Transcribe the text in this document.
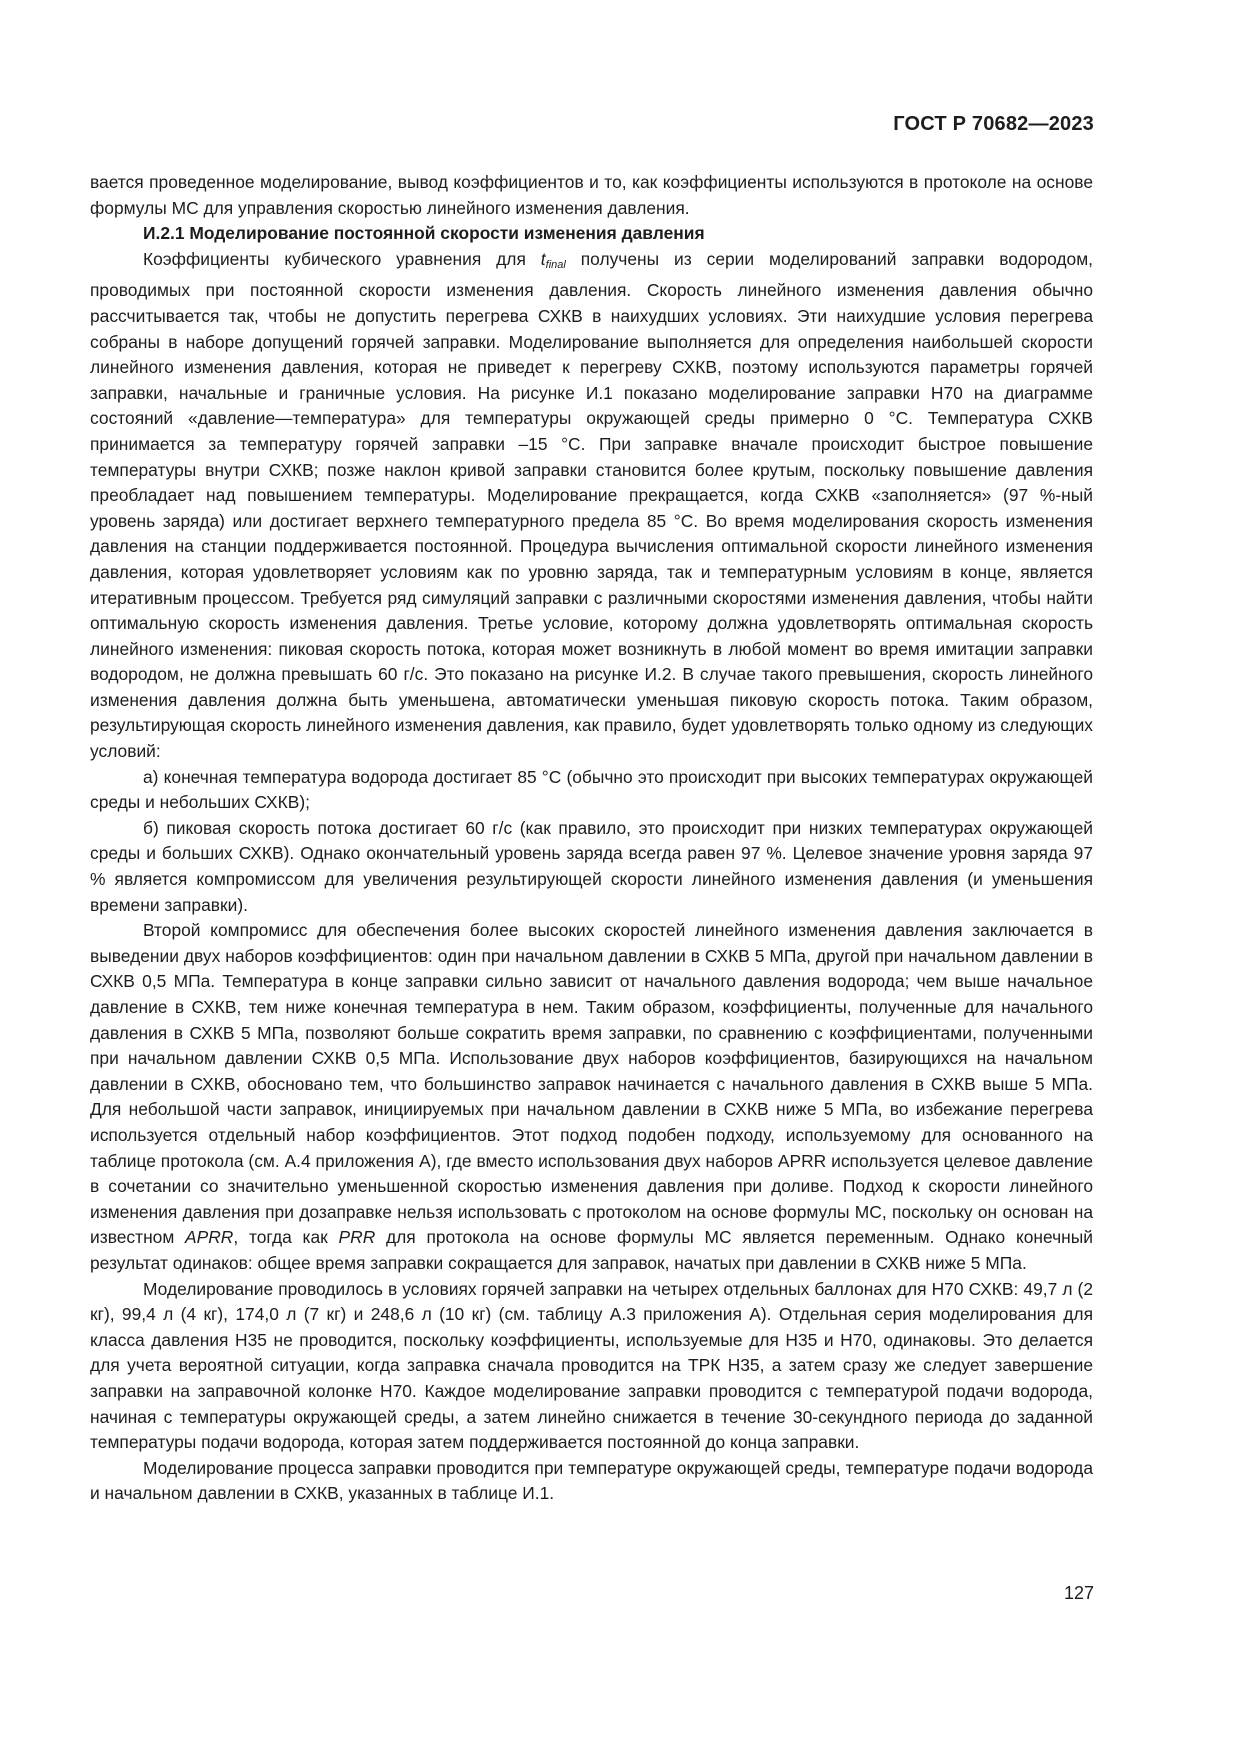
ГОСТ Р 70682—2023

вается проведенное моделирование, вывод коэффициентов и то, как коэффициенты используются в протоколе на основе формулы МС для управления скоростью линейного изменения давления.

И.2.1 Моделирование постоянной скорости изменения давления

Коэффициенты кубического уравнения для $t_{final}$ получены из серии моделирований заправки водородом, проводимых при постоянной скорости изменения давления. Скорость линейного изменения давления обычно рассчитывается так, чтобы не допустить перегрева СХКВ в наихудших условиях. Эти наихудшие условия перегрева собраны в наборе допущений горячей заправки. Моделирование выполняется для определения наибольшей скорости линейного изменения давления, которая не приведет к перегреву СХКВ, поэтому используются параметры горячей заправки, начальные и граничные условия. На рисунке И.1 показано моделирование заправки Н70 на диаграмме состояний «давление—температура» для температуры окружающей среды примерно 0 °С. Температура СХКВ принимается за температуру горячей заправки –15 °С. При заправке вначале происходит быстрое повышение температуры внутри СХКВ; позже наклон кривой заправки становится более крутым, поскольку повышение давления преобладает над повышением температуры. Моделирование прекращается, когда СХКВ «заполняется» (97 %-ный уровень заряда) или достигает верхнего температурного предела 85 °С. Во время моделирования скорость изменения давления на станции поддерживается постоянной. Процедура вычисления оптимальной скорости линейного изменения давления, которая удовлетворяет условиям как по уровню заряда, так и температурным условиям в конце, является итеративным процессом. Требуется ряд симуляций заправки с различными скоростями изменения давления, чтобы найти оптимальную скорость изменения давления. Третье условие, которому должна удовлетворять оптимальная скорость линейного изменения: пиковая скорость потока, которая может возникнуть в любой момент во время имитации заправки водородом, не должна превышать 60 г/с. Это показано на рисунке И.2. В случае такого превышения, скорость линейного изменения давления должна быть уменьшена, автоматически уменьшая пиковую скорость потока. Таким образом, результирующая скорость линейного изменения давления, как правило, будет удовлетворять только одному из следующих условий:

а) конечная температура водорода достигает 85 °С (обычно это происходит при высоких температурах окружающей среды и небольших СХКВ);

б) пиковая скорость потока достигает 60 г/с (как правило, это происходит при низких температурах окружающей среды и больших СХКВ). Однако окончательный уровень заряда всегда равен 97 %. Целевое значение уровня заряда 97 % является компромиссом для увеличения результирующей скорости линейного изменения давления (и уменьшения времени заправки).

Второй компромисс для обеспечения более высоких скоростей линейного изменения давления заключается в выведении двух наборов коэффициентов: один при начальном давлении в СХКВ 5 МПа, другой при начальном давлении в СХКВ 0,5 МПа. Температура в конце заправки сильно зависит от начального давления водорода; чем выше начальное давление в СХКВ, тем ниже конечная температура в нем. Таким образом, коэффициенты, полученные для начального давления в СХКВ 5 МПа, позволяют больше сократить время заправки, по сравнению с коэффициентами, полученными при начальном давлении СХКВ 0,5 МПа. Использование двух наборов коэффициентов, базирующихся на начальном давлении в СХКВ, обосновано тем, что большинство заправок начинается с начального давления в СХКВ выше 5 МПа. Для небольшой части заправок, инициируемых при начальном давлении в СХКВ ниже 5 МПа, во избежание перегрева используется отдельный набор коэффициентов. Этот подход подобен подходу, используемому для основанного на таблице протокола (см. А.4 приложения А), где вместо использования двух наборов APRR используется целевое давление в сочетании со значительно уменьшенной скоростью изменения давления при доливе. Подход к скорости линейного изменения давления при дозаправке нельзя использовать с протоколом на основе формулы МС, поскольку он основан на известном APRR, тогда как PRR для протокола на основе формулы МС является переменным. Однако конечный результат одинаков: общее время заправки сокращается для заправок, начатых при давлении в СХКВ ниже 5 МПа.

Моделирование проводилось в условиях горячей заправки на четырех отдельных баллонах для Н70 СХКВ: 49,7 л (2 кг), 99,4 л (4 кг), 174,0 л (7 кг) и 248,6 л (10 кг) (см. таблицу А.3 приложения А). Отдельная серия моделирования для класса давления Н35 не проводится, поскольку коэффициенты, используемые для Н35 и Н70, одинаковы. Это делается для учета вероятной ситуации, когда заправка сначала проводится на ТРК Н35, а затем сразу же следует завершение заправки на заправочной колонке Н70. Каждое моделирование заправки проводится с температурой подачи водорода, начиная с температуры окружающей среды, а затем линейно снижается в течение 30-секундного периода до заданной температуры подачи водорода, которая затем поддерживается постоянной до конца заправки.

Моделирование процесса заправки проводится при температуре окружающей среды, температуре подачи водорода и начальном давлении в СХКВ, указанных в таблице И.1.

127
